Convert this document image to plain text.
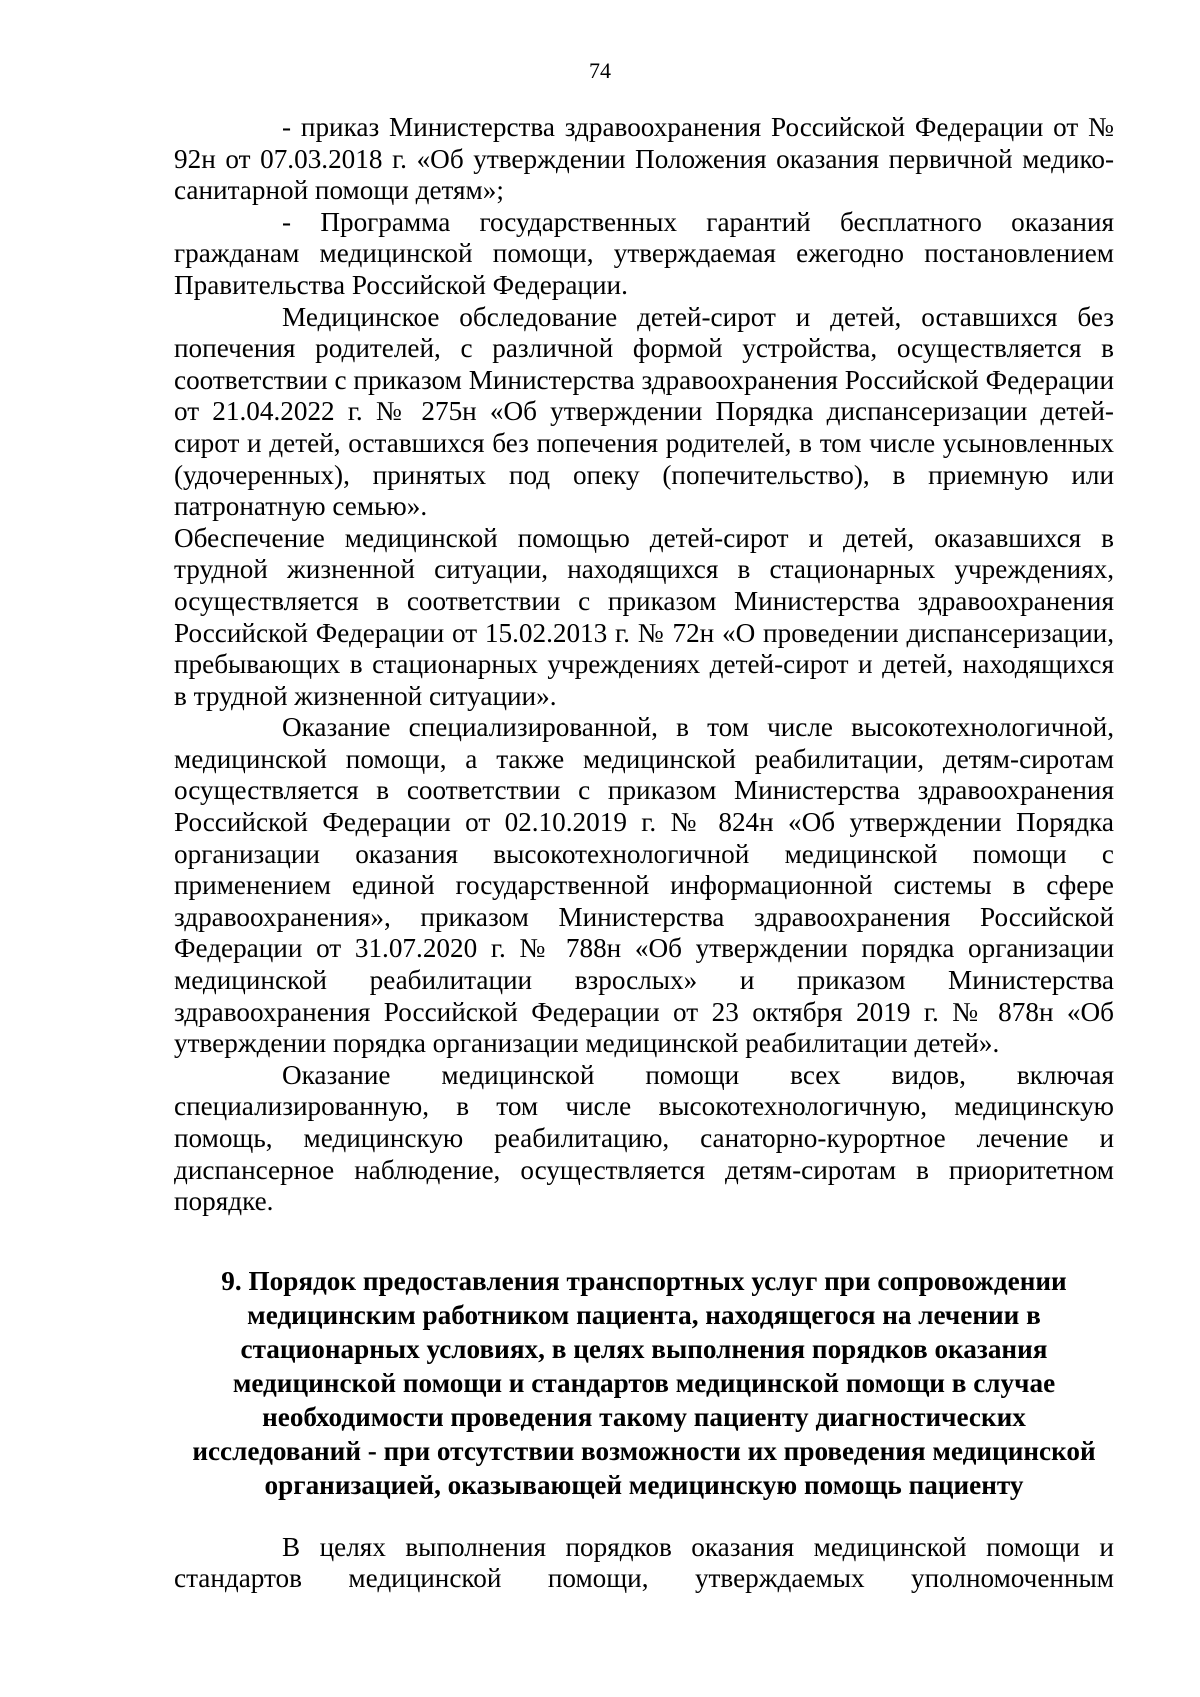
74

- приказ Министерства здравоохранения Российской Федерации от № 92н от 07.03.2018 г. «Об утверждении Положения оказания первичной медико-санитарной помощи детям»;

- Программа государственных гарантий бесплатного оказания гражданам медицинской помощи, утверждаемая ежегодно постановлением Правительства Российской Федерации.

Медицинское обследование детей-сирот и детей, оставшихся без попечения родителей, с различной формой устройства, осуществляется в соответствии с приказом Министерства здравоохранения Российской Федерации от 21.04.2022 г. № 275н «Об утверждении Порядка диспансеризации детей-сирот и детей, оставшихся без попечения родителей, в том числе усыновленных (удочеренных), принятых под опеку (попечительство), в приемную или патронатную семью».

Обеспечение медицинской помощью детей-сирот и детей, оказавшихся в трудной жизненной ситуации, находящихся в стационарных учреждениях, осуществляется в соответствии с приказом Министерства здравоохранения Российской Федерации от 15.02.2013 г. № 72н «О проведении диспансеризации, пребывающих в стационарных учреждениях детей-сирот и детей, находящихся в трудной жизненной ситуации».

Оказание специализированной, в том числе высокотехнологичной, медицинской помощи, а также медицинской реабилитации, детям-сиротам осуществляется в соответствии с приказом Министерства здравоохранения Российской Федерации от 02.10.2019 г. № 824н «Об утверждении Порядка организации оказания высокотехнологичной медицинской помощи с применением единой государственной информационной системы в сфере здравоохранения», приказом Министерства здравоохранения Российской Федерации от 31.07.2020 г. № 788н «Об утверждении порядка организации медицинской реабилитации взрослых» и приказом Министерства здравоохранения Российской Федерации от 23 октября 2019 г. № 878н «Об утверждении порядка организации медицинской реабилитации детей».

Оказание медицинской помощи всех видов, включая специализированную, в том числе высокотехнологичную, медицинскую помощь, медицинскую реабилитацию, санаторно-курортное лечение и диспансерное наблюдение, осуществляется детям-сиротам в приоритетном порядке.

9. Порядок предоставления транспортных услуг при сопровождении
медицинским работником пациента, находящегося на лечении в
стационарных условиях, в целях выполнения порядков оказания
медицинской помощи и стандартов медицинской помощи в случае
необходимости проведения такому пациенту диагностических
исследований - при отсутствии возможности их проведения медицинской
организацией, оказывающей медицинскую помощь пациенту

В целях выполнения порядков оказания медицинской помощи и стандартов медицинской помощи, утверждаемых уполномоченным
